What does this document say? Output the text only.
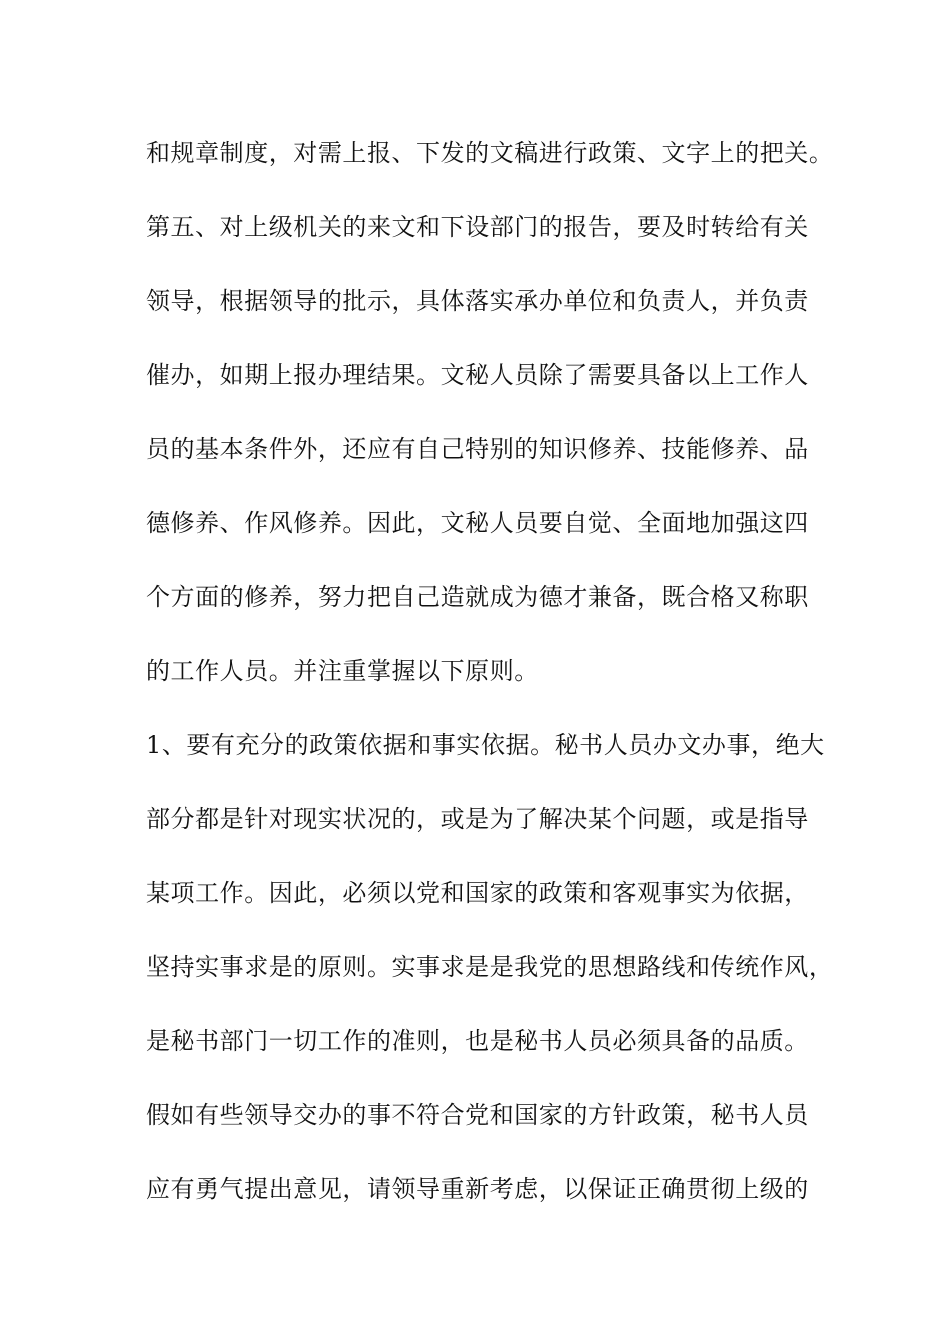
和规章制度，对需上报、下发的文稿进行政策、文字上的把关。
第五、对上级机关的来文和下设部门的报告，要及时转给有关
领导，根据领导的批示，具体落实承办单位和负责人，并负责
催办，如期上报办理结果。文秘人员除了需要具备以上工作人
员的基本条件外，还应有自己特别的知识修养、技能修养、品
德修养、作风修养。因此，文秘人员要自觉、全面地加强这四
个方面的修养，努力把自己造就成为德才兼备，既合格又称职
的工作人员。并注重掌握以下原则。
1、要有充分的政策依据和事实依据。秘书人员办文办事，绝大
部分都是针对现实状况的，或是为了解决某个问题，或是指导
某项工作。因此，必须以党和国家的政策和客观事实为依据，
坚持实事求是的原则。实事求是是我党的思想路线和传统作风，
是秘书部门一切工作的准则，也是秘书人员必须具备的品质。
假如有些领导交办的事不符合党和国家的方针政策，秘书人员
应有勇气提出意见，请领导重新考虑，以保证正确贯彻上级的
